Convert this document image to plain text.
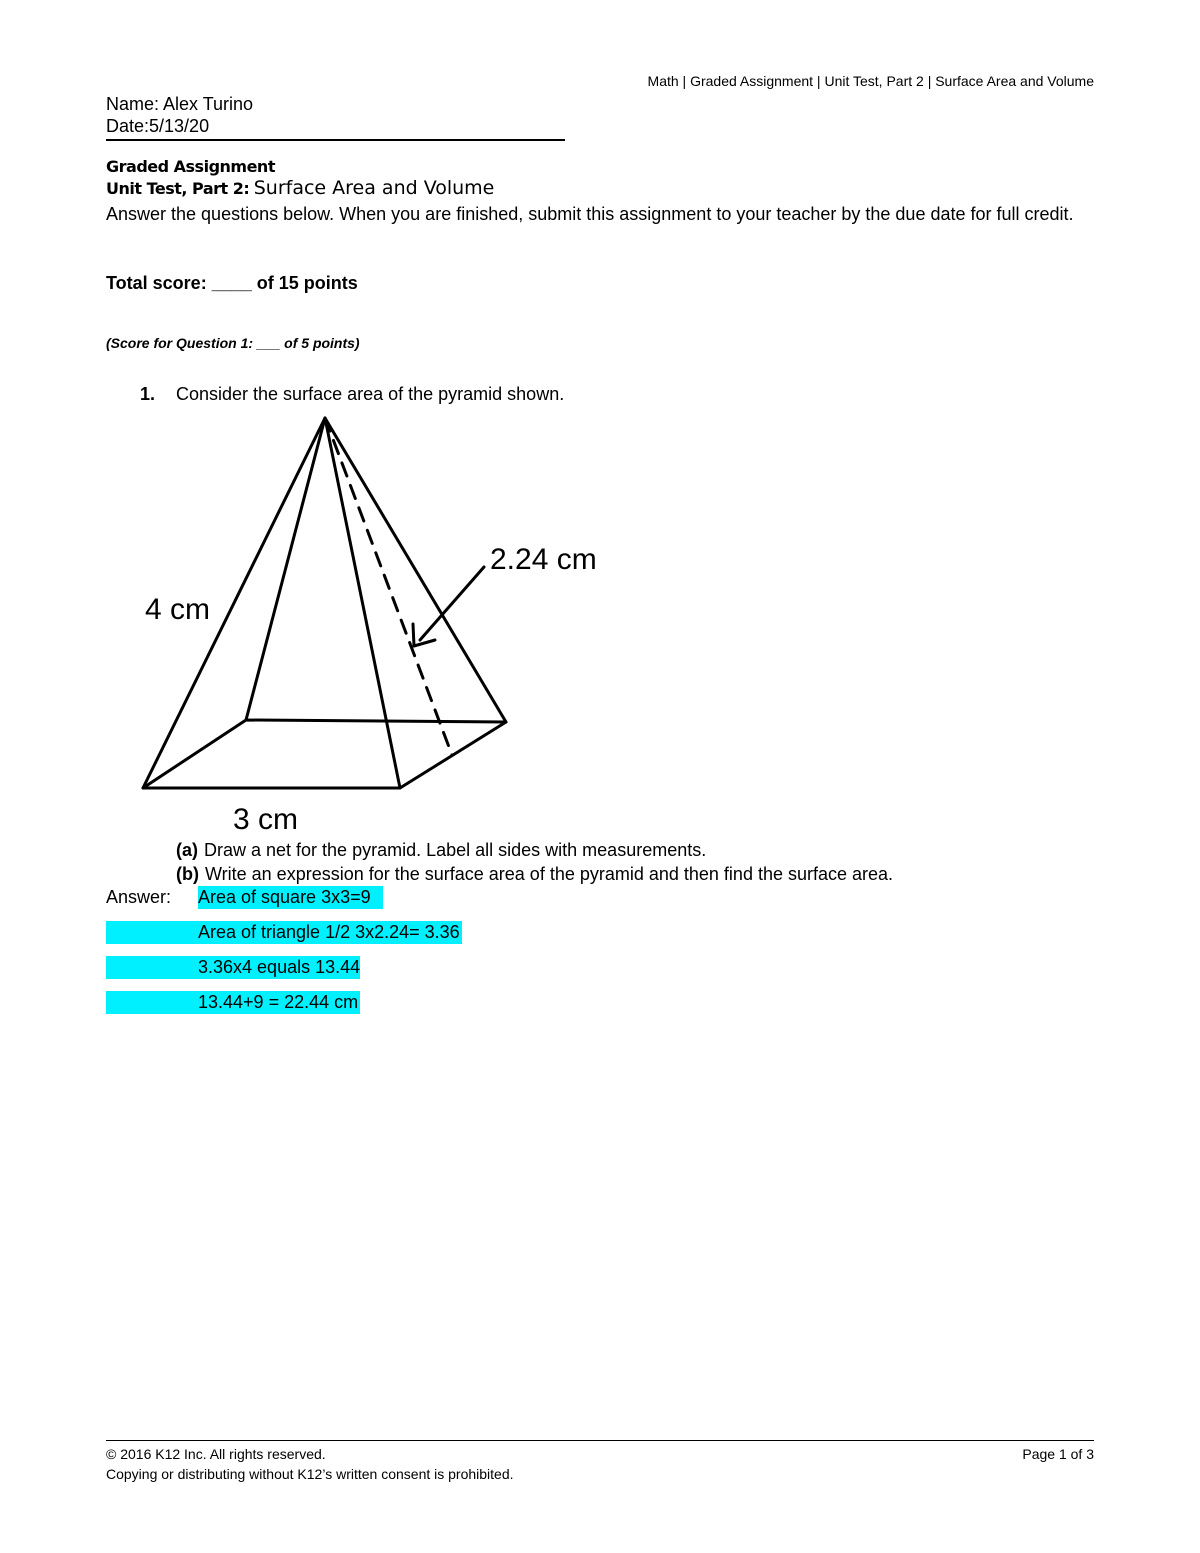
Math | Graded Assignment | Unit Test, Part 2 | Surface Area and Volume
Name: Alex Turino
Date:5/13/20
Graded Assignment
Unit Test, Part 2: Surface Area and Volume
Answer the questions below. When you are finished, submit this assignment to your teacher by the due date for full credit.
Total score: ____ of 15 points
(Score for Question 1: ___ of 5 points)
1. Consider the surface area of the pyramid shown.
4 cm
2.24 cm
3 cm
(a) Draw a net for the pyramid. Label all sides with measurements.
(b) Write an expression for the surface area of the pyramid and then find the surface area.
Answer: Area of square 3x3=9
Area of triangle 1/2 3x2.24= 3.36
3.36x4 equals 13.44
13.44+9 = 22.44 cm
© 2016 K12 Inc. All rights reserved.	Page 1 of 3
Copying or distributing without K12’s written consent is prohibited.
